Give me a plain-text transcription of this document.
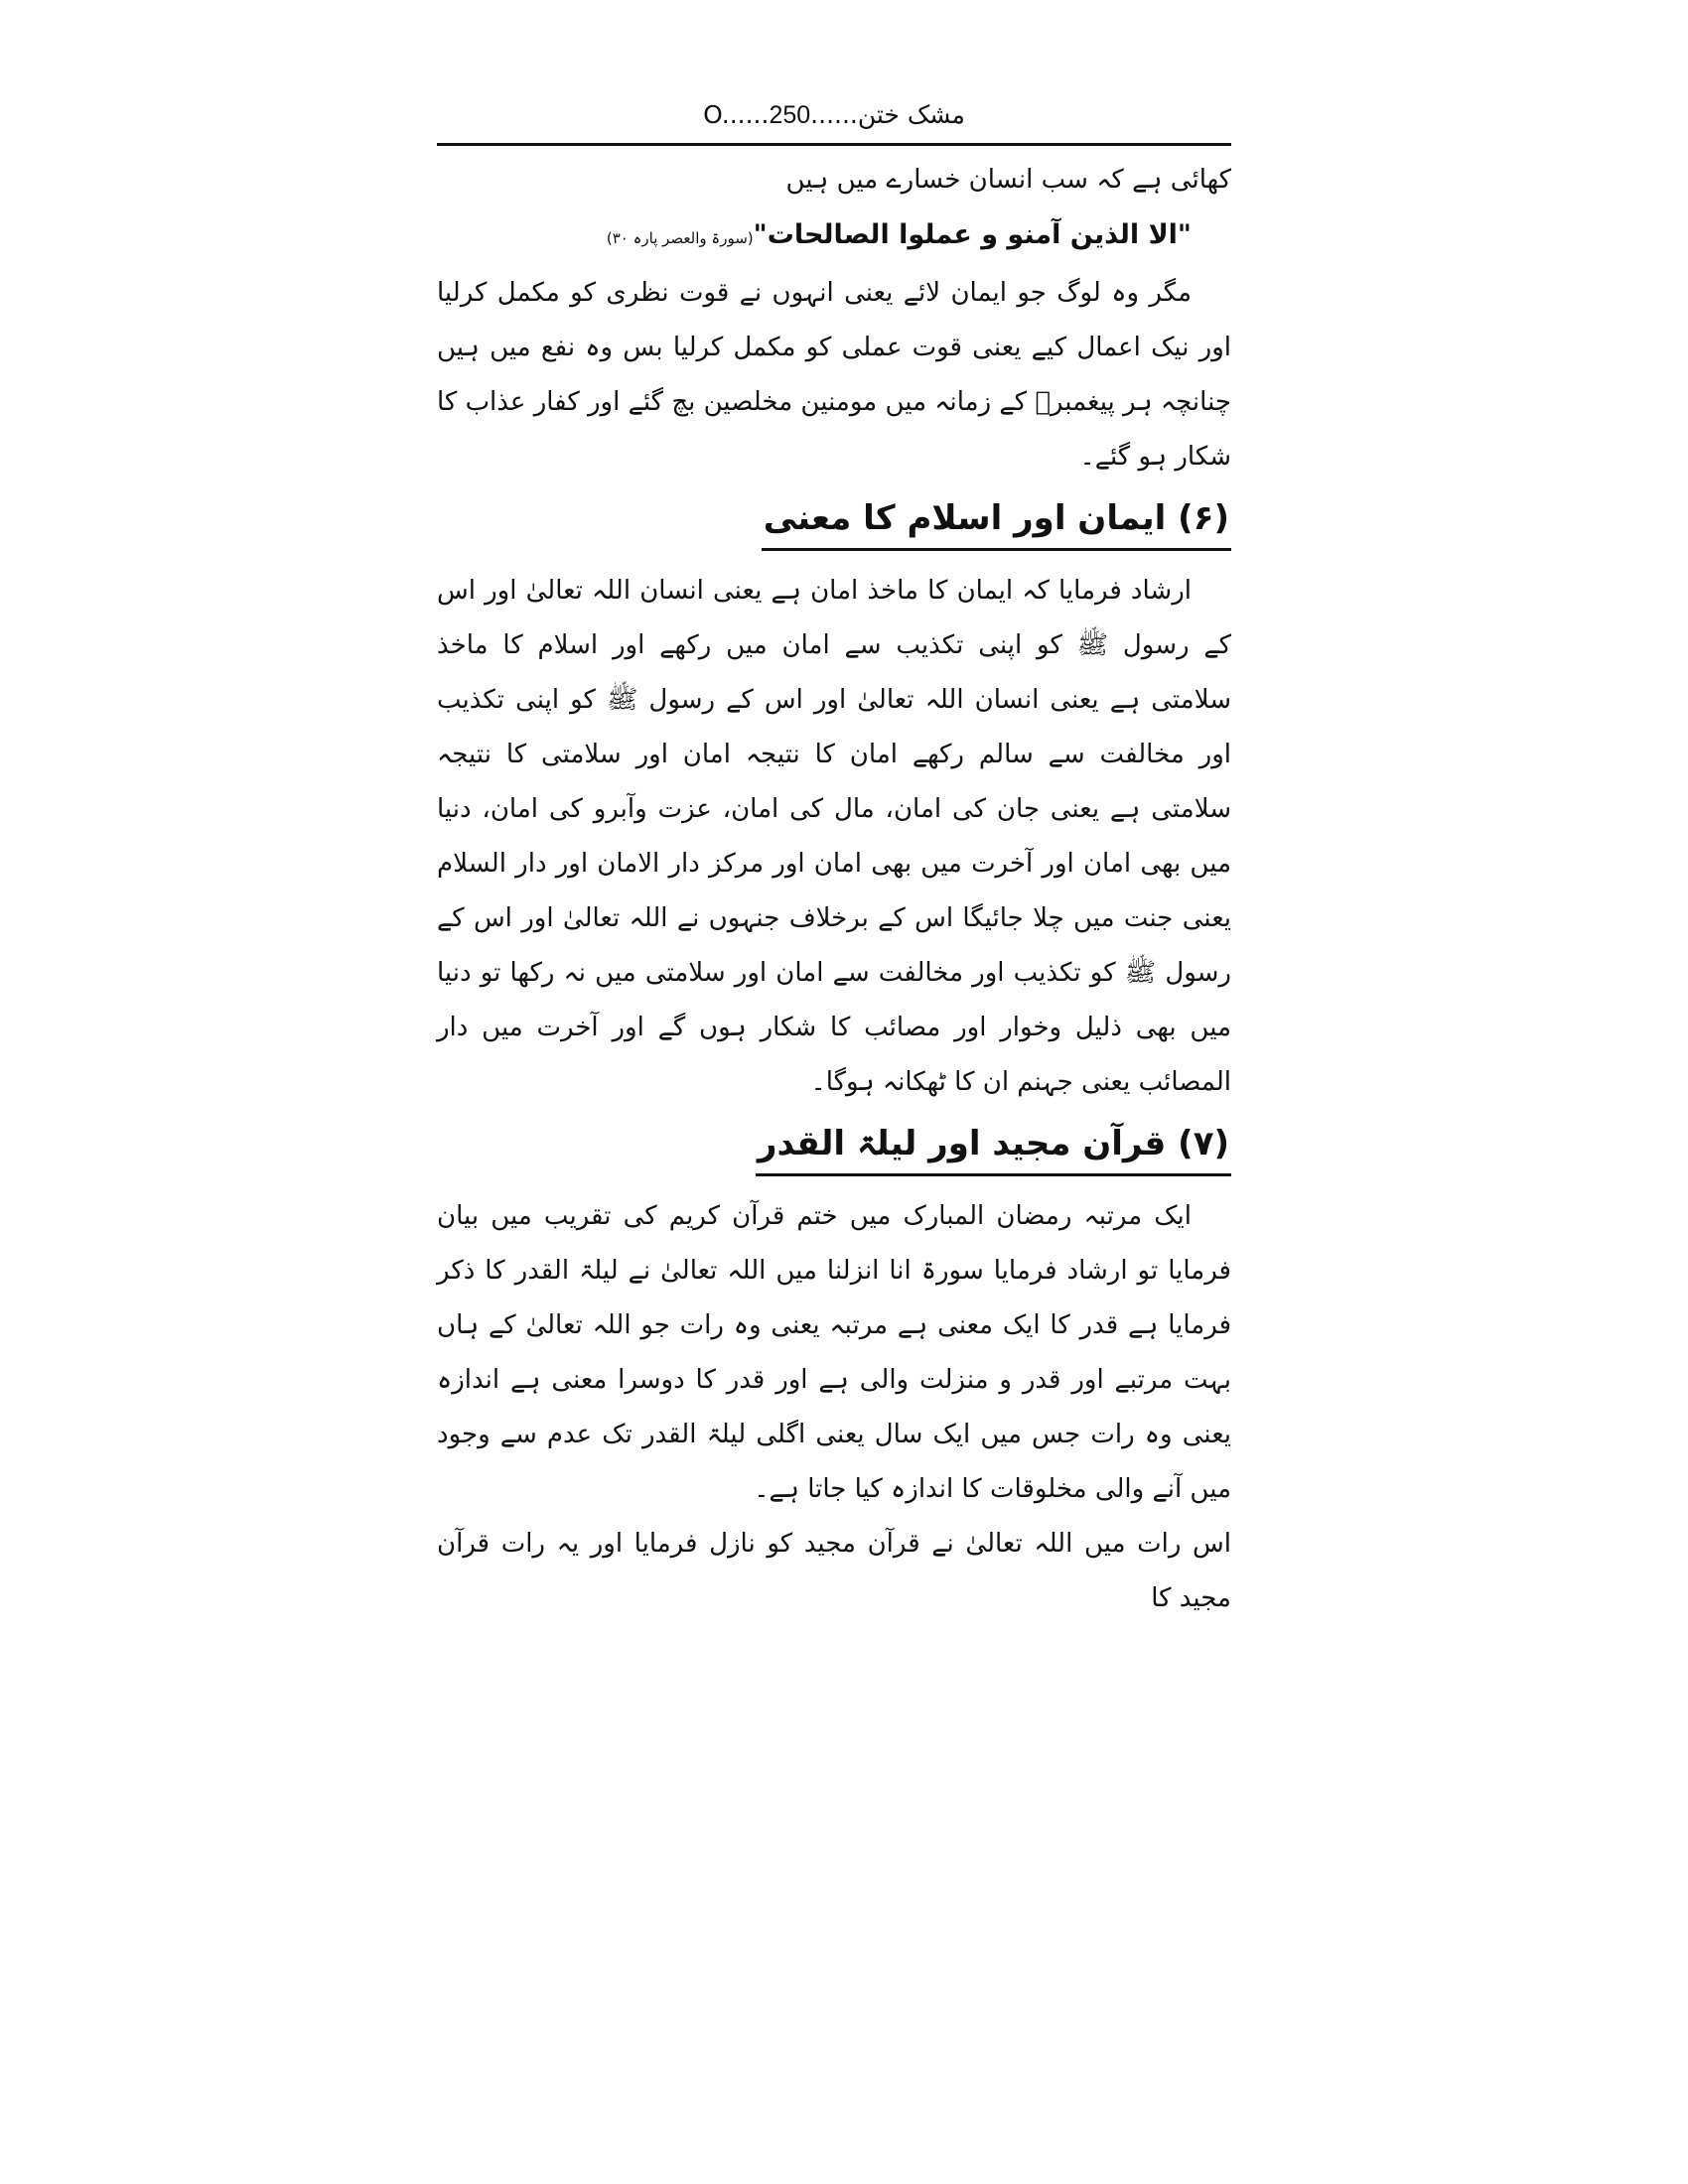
مشک ختن......O......250

کھائی ہے کہ سب انسان خسارے میں ہیں

"الا الذین آمنو و عملوا الصالحات"(سورۃ والعصر پارہ ۳۰)

مگر وہ لوگ جو ایمان لائے یعنی انہوں نے قوت نظری کو مکمل کرلیا اور نیک اعمال کیے یعنی قوت عملی کو مکمل کرلیا بس وہ نفع میں ہیں چنانچہ ہر پیغمبرؑ کے زمانہ میں مومنین مخلصین بچ گئے اور کفار عذاب کا شکار ہو گئے۔

(۶) ایمان اور اسلام کا معنی

ارشاد فرمایا کہ ایمان کا ماخذ امان ہے یعنی انسان اللہ تعالیٰ اور اس کے رسول ﷺ کو اپنی تکذیب سے امان میں رکھے اور اسلام کا ماخذ سلامتی ہے یعنی انسان اللہ تعالیٰ اور اس کے رسول ﷺ کو اپنی تکذیب اور مخالفت سے سالم رکھے امان کا نتیجہ امان اور سلامتی کا نتیجہ سلامتی ہے یعنی جان کی امان، مال کی امان، عزت وآبرو کی امان، دنیا میں بھی امان اور آخرت میں بھی امان اور مرکز دار الامان اور دار السلام یعنی جنت میں چلا جائیگا اس کے برخلاف جنہوں نے اللہ تعالیٰ اور اس کے رسول ﷺ کو تکذیب اور مخالفت سے امان اور سلامتی میں نہ رکھا تو دنیا میں بھی ذلیل وخوار اور مصائب کا شکار ہوں گے اور آخرت میں دار المصائب یعنی جہنم ان کا ٹھکانہ ہوگا۔

(۷) قرآن مجید اور لیلۃ القدر

ایک مرتبہ رمضان المبارک میں ختم قرآن کریم کی تقریب میں بیان فرمایا تو ارشاد فرمایا سورۃ انا انزلنا میں اللہ تعالیٰ نے لیلۃ القدر کا ذکر فرمایا ہے قدر کا ایک معنی ہے مرتبہ یعنی وہ رات جو اللہ تعالیٰ کے ہاں بہت مرتبے اور قدر و منزلت والی ہے اور قدر کا دوسرا معنی ہے اندازہ یعنی وہ رات جس میں ایک سال یعنی اگلی لیلۃ القدر تک عدم سے وجود میں آنے والی مخلوقات کا اندازہ کیا جاتا ہے۔

اس رات میں اللہ تعالیٰ نے قرآن مجید کو نازل فرمایا اور یہ رات قرآن مجید کا
